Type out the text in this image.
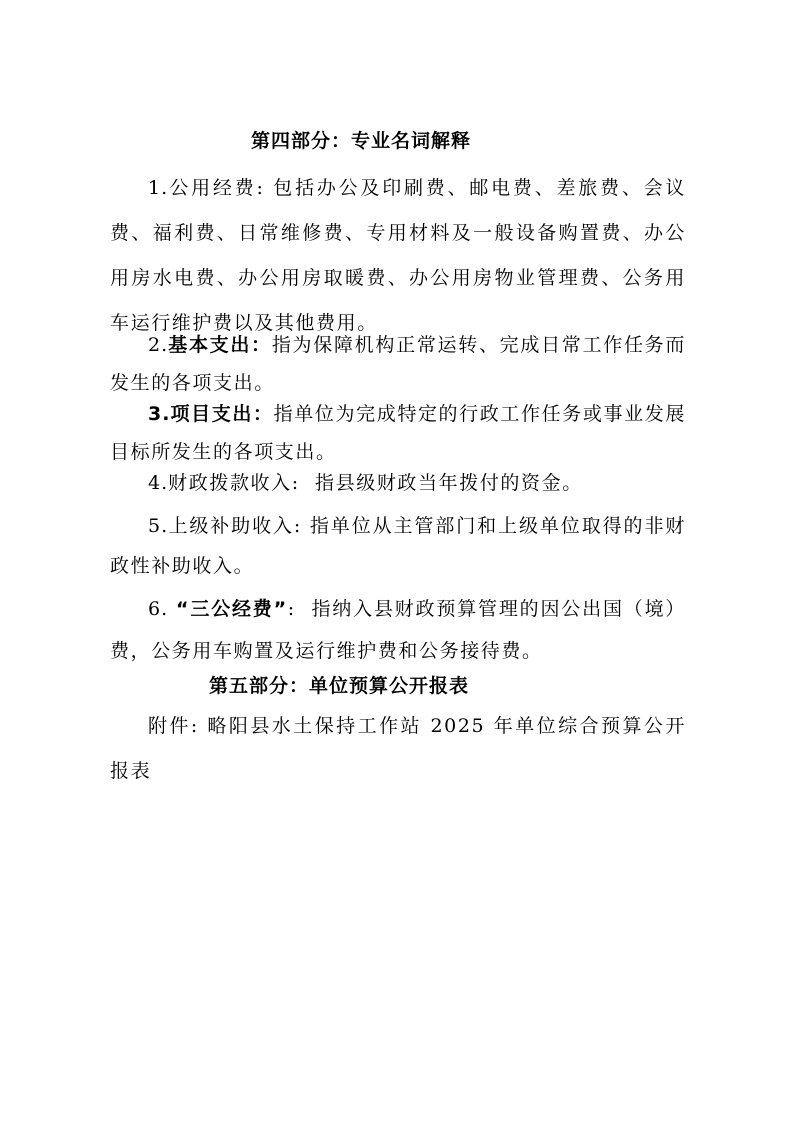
第四部分：专业名词解释

1.公用经费: 包括办公及印刷费、邮电费、差旅费、会议费、福利费、日常维修费、专用材料及一般设备购置费、办公用房水电费、办公用房取暖费、办公用房物业管理费、公务用车运行维护费以及其他费用。

2.基本支出：指为保障机构正常运转、完成日常工作任务而发生的各项支出。

3.项目支出：指单位为完成特定的行政工作任务或事业发展目标所发生的各项支出。

4.财政拨款收入:  指县级财政当年拨付的资金。

5.上级补助收入: 指单位从主管部门和上级单位取得的非财政性补助收入。

6. “三公经费”:  指纳入县财政预算管理的因公出国（境）费，公务用车购置及运行维护费和公务接待费。

第五部分：单位预算公开报表

附件: 略阳县水土保持工作站 2025 年单位综合预算公开报表
